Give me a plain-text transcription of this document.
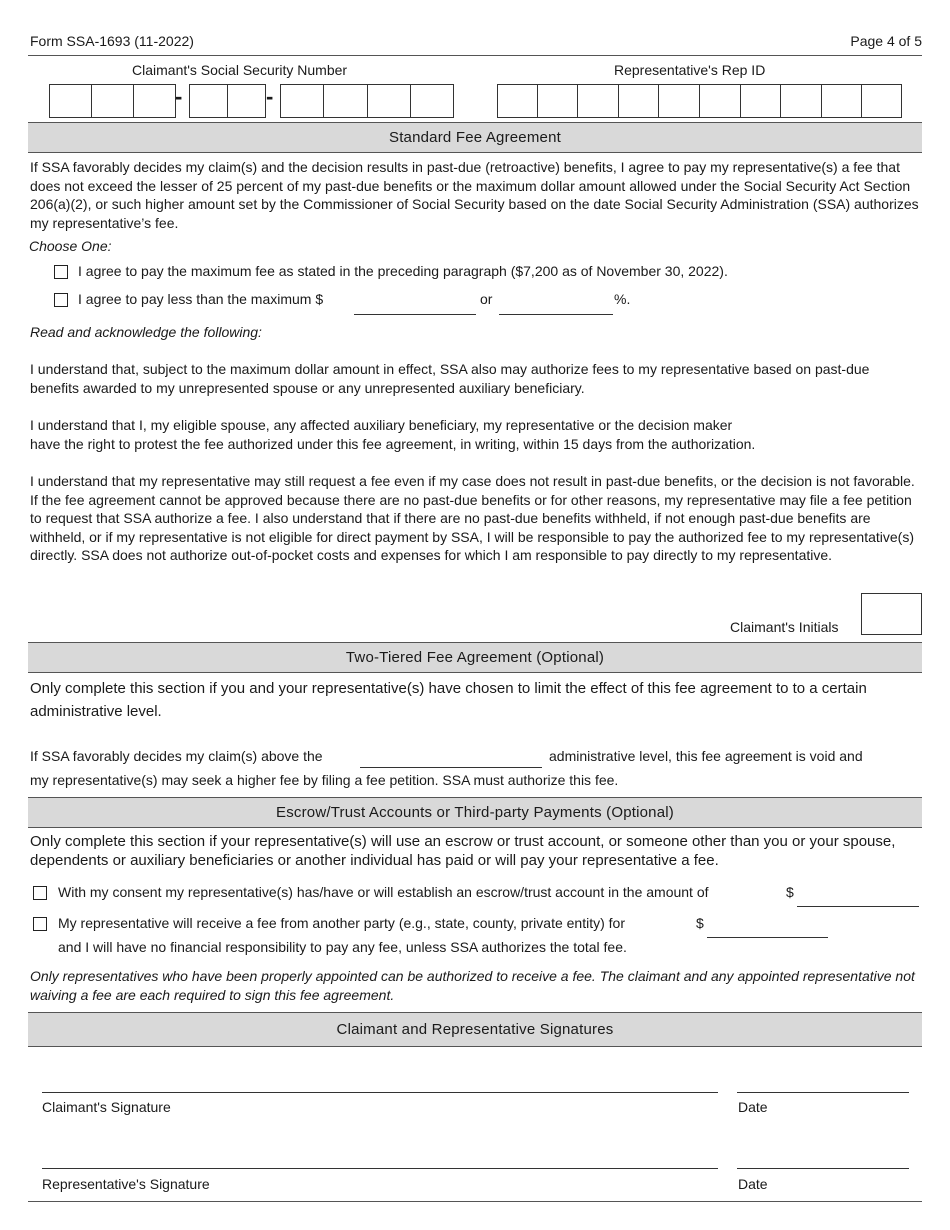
Form SSA-1693 (11-2022)	Page 4 of 5
Claimant's Social Security Number	Representative's Rep ID
-	-
Standard Fee Agreement
If SSA favorably decides my claim(s) and the decision results in past-due (retroactive) benefits, I agree to pay my representative(s) a fee that does not exceed the lesser of 25 percent of my past-due benefits or the maximum dollar amount allowed under the Social Security Act Section 206(a)(2), or such higher amount set by the Commissioner of Social Security based on the date Social Security Administration (SSA) authorizes my representative’s fee.
Choose One:
I agree to pay the maximum fee as stated in the preceding paragraph ($7,200 as of November 30, 2022).
I agree to pay less than the maximum $	or	%.
Read and acknowledge the following:
I understand that, subject to the maximum dollar amount in effect, SSA also may authorize fees to my representative based on past-due benefits awarded to my unrepresented spouse or any unrepresented auxiliary beneficiary.
I understand that I, my eligible spouse, any affected auxiliary beneficiary, my representative or the decision maker
have the right to protest the fee authorized under this fee agreement, in writing, within 15 days from the authorization.
I understand that my representative may still request a fee even if my case does not result in past-due benefits, or the decision is not favorable. If the fee agreement cannot be approved because there are no past-due benefits or for other reasons, my representative may file a fee petition to request that SSA authorize a fee. I also understand that if there are no past-due benefits withheld, if not enough past-due benefits are withheld, or if my representative is not eligible for direct payment by SSA, I will be responsible to pay the authorized fee to my representative(s) directly. SSA does not authorize out-of-pocket costs and expenses for which I am responsible to pay directly to my representative.
Claimant's Initials
Two-Tiered Fee Agreement (Optional)
Only complete this section if you and your representative(s) have chosen to limit the effect of this fee agreement to to a certain administrative level.
If SSA favorably decides my claim(s) above the	administrative level, this fee agreement is void and
my representative(s) may seek a higher fee by filing a fee petition. SSA must authorize this fee.
Escrow/Trust Accounts or Third-party Payments (Optional)
Only complete this section if your representative(s) will use an escrow or trust account, or someone other than you or your spouse, dependents or auxiliary beneficiaries or another individual has paid or will pay your representative a fee.
With my consent my representative(s) has/have or will establish an escrow/trust account in the amount of	$
My representative will receive a fee from another party (e.g., state, county, private entity) for	$
and I will have no financial responsibility to pay any fee, unless SSA authorizes the total fee.
Only representatives who have been properly appointed can be authorized to receive a fee. The claimant and any appointed representative not waiving a fee are each required to sign this fee agreement.
Claimant and Representative Signatures
Claimant's Signature	Date
Representative's Signature	Date
